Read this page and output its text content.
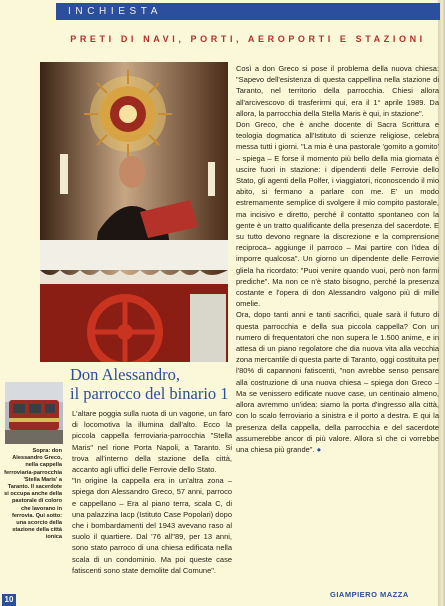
INCHIESTA
PRETI DI NAVI, PORTI, AEROPORTI E STAZIONI
Sopra: don Alessandro Greco, nella cappella ferroviaria-parrocchia 'Stella Maris' a Taranto. Il sacerdote si occupa anche della pastorale di coloro che lavorano in ferrovia. Qui sotto: una scorcio della stazione della città ionica
Don Alessandro,
il parrocco del binario 1

L'altare poggia sulla ruota di un vagone, un faro di locomotiva la illumina dall'alto. Ecco la piccola cappella ferroviaria-parrocchia "Stella Maris" nel rione Porta Napoli, a Taranto. Si trova all'interno della stazione della città, accanto agli uffici delle Ferrovie dello Stato.

"In origine la cappella era in un'altra zona – spiega don Alessandro Greco, 57 anni, parroco e cappellano – Era al piano terra, scala C, di una palazzina Iacp (Istituto Case Popolari) dopo che i bombardamenti del 1943 avevano raso al suolo il quartiere. Dal '76 all''89, per 13 anni, sono stato parroco di una chiesa edificata nella scala di un condominio. Ma poi queste case fatiscenti sono state demolite dal Comune".

Così a don Greco si pose il problema della nuova chiesa: "Sapevo dell'esistenza di questa cappellina nella stazione di Taranto, nel territorio della parrocchia. Chiesi allora all'arcivescovo di trasferirmi qui, era il 1° aprile 1989. Da allora, la parrocchia della Stella Maris è qui, in stazione".

Don Greco, che è anche docente di Sacra Scrittura e teologia dogmatica all'Istituto di scienze religiose, celebra messa tutti i giorni. "La mia è una pastorale 'gomito a gomito' – spiega – E forse il momento più bello della mia giornata è uscire fuori in stazione: i dipendenti delle Ferrovie dello Stato, gli agenti della Polfer, i viaggiatori, riconoscendo il mio abito, si fermano a parlare con me. E' un modo estremamente semplice di svolgere il mio compito pastorale, ma incisivo e diretto, perché il contatto spontaneo con la gente è un tratto qualificante della presenza del sacerdote. E su tutto devono regnare la discrezione e la comprensione reciproca– aggiunge il parroco – Mai partire con l'idea di imporre qualcosa". Un giorno un dipendente delle Ferrovie gliela ha ricordato: "Puoi venire quando vuoi, però non farmi prediche". Ma non ce n'è stato bisogno, perché la presenza costante e l'opera di don Alessandro valgono più di mille omelie.

Ora, dopo tanti anni e tanti sacrifici, quale sarà il futuro di questa parrocchia e della sua piccola cappella? Con un numero di frequentatori che non supera le 1.500 anime, e in attesa di un piano regolatore che dia nuova vita alla vecchia zona mercantile di questa parte di Taranto, oggi costituita per l'80% di capannoni fatiscenti, "non avrebbe senso pensare alla costruzione di una nuova chiesa – spiega don Greco – Ma se venissero edificate nuove case, un centinaio almeno, allora avremmo un'idea: siamo la porta d'ingresso alla città, con lo scalo ferroviario a sinistra e il porto a destra. E qui la presenza della cappella, della parrocchia e del sacerdote assumerebbe ancor di più valore. Allora sì che ci vorrebbe una chiesa più grande". ●

GIAMPIERO MAZZA
10
